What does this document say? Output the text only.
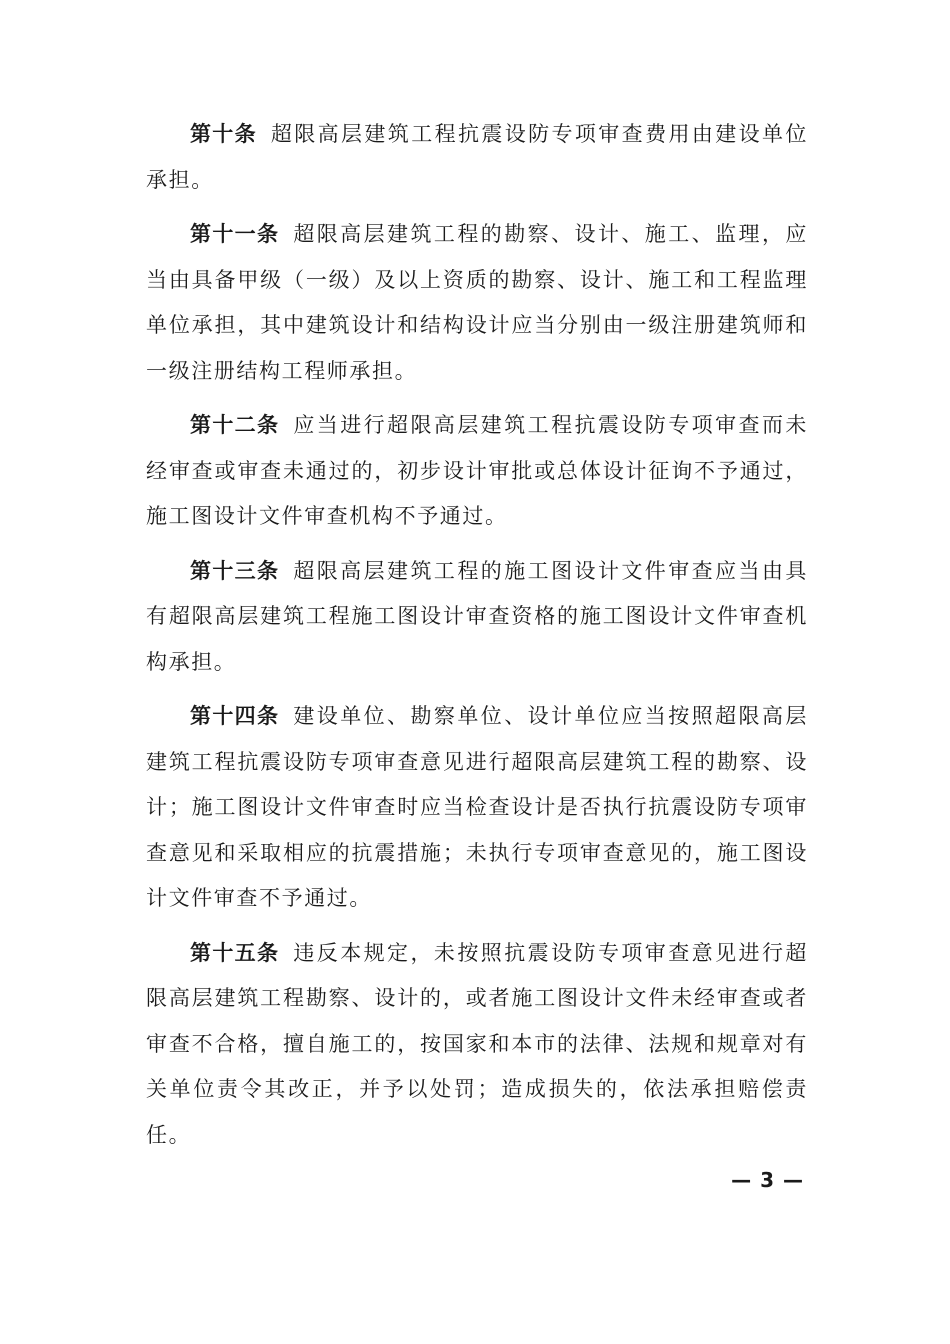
第十条 超限高层建筑工程抗震设防专项审查费用由建设单位承担。

第十一条 超限高层建筑工程的勘察、设计、施工、监理，应当由具备甲级（一级）及以上资质的勘察、设计、施工和工程监理单位承担，其中建筑设计和结构设计应当分别由一级注册建筑师和一级注册结构工程师承担。

第十二条 应当进行超限高层建筑工程抗震设防专项审查而未经审查或审查未通过的，初步设计审批或总体设计征询不予通过，施工图设计文件审查机构不予通过。

第十三条 超限高层建筑工程的施工图设计文件审查应当由具有超限高层建筑工程施工图设计审查资格的施工图设计文件审查机构承担。

第十四条 建设单位、勘察单位、设计单位应当按照超限高层建筑工程抗震设防专项审查意见进行超限高层建筑工程的勘察、设计；施工图设计文件审查时应当检查设计是否执行抗震设防专项审查意见和采取相应的抗震措施；未执行专项审查意见的，施工图设计文件审查不予通过。

第十五条 违反本规定，未按照抗震设防专项审查意见进行超限高层建筑工程勘察、设计的，或者施工图设计文件未经审查或者审查不合格，擅自施工的，按国家和本市的法律、法规和规章对有关单位责令其改正，并予以处罚；造成损失的，依法承担赔偿责任。

— 3 —
